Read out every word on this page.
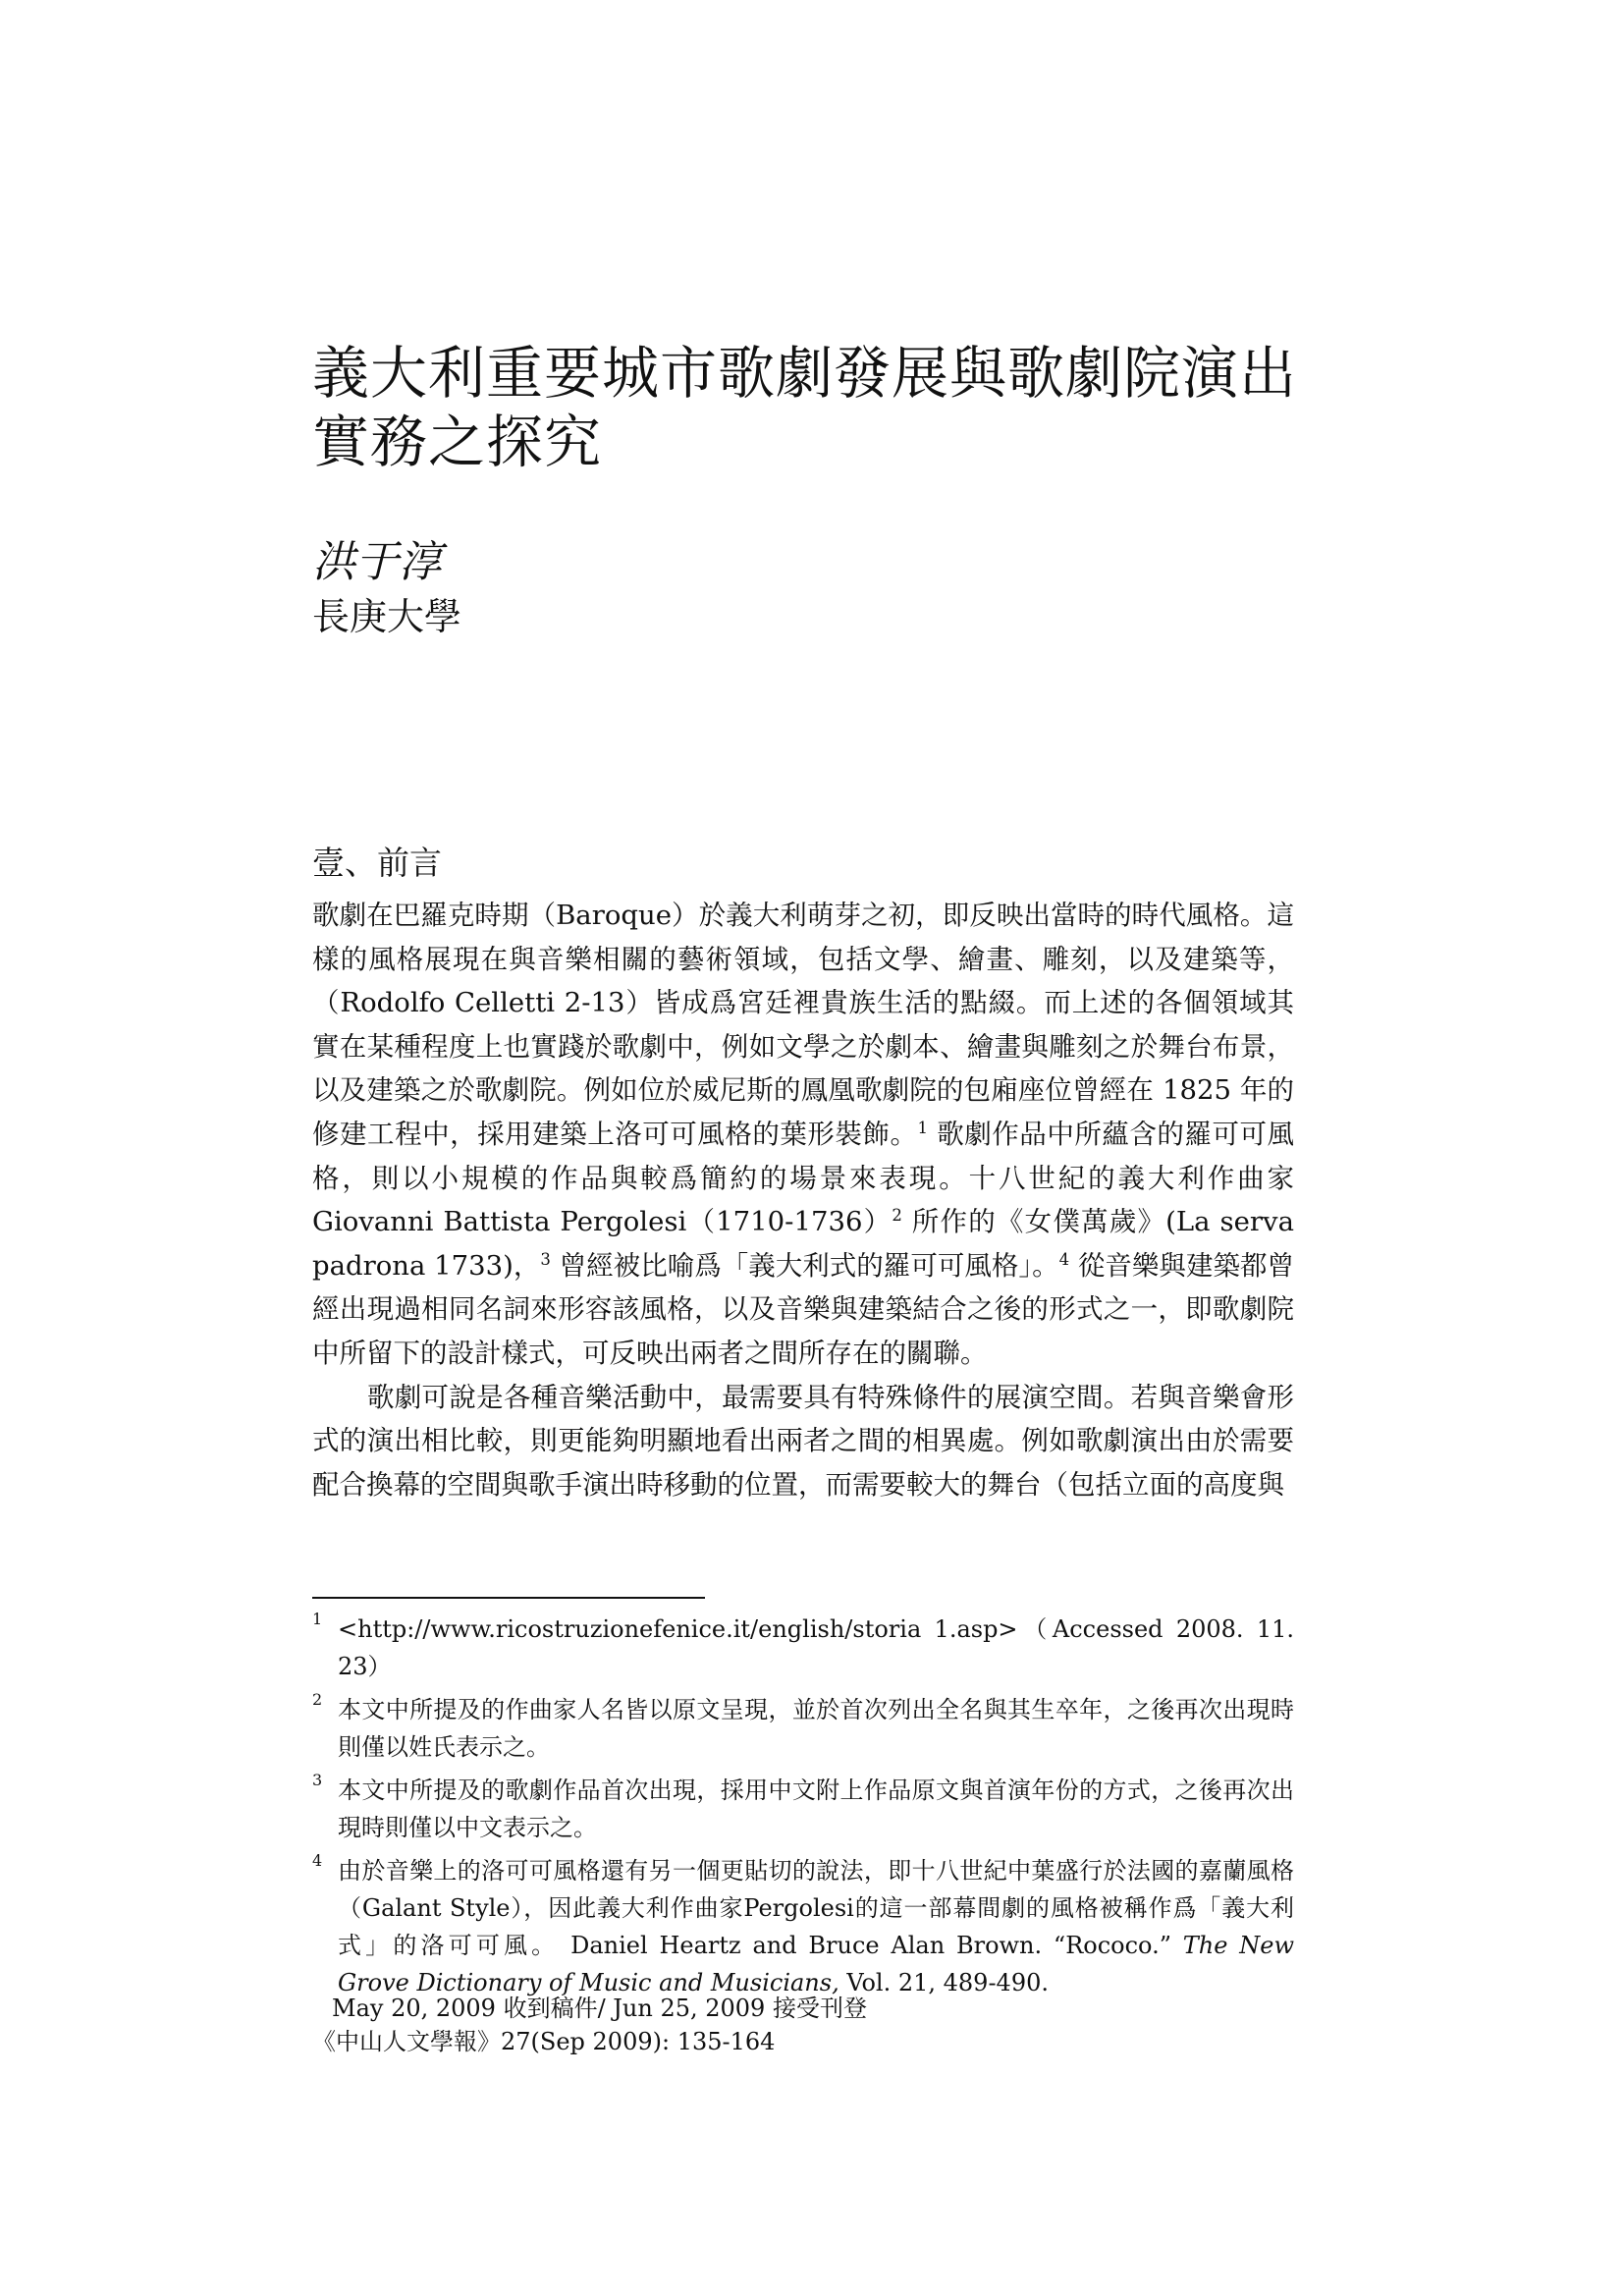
義大利重要城市歌劇發展與歌劇院演出實務之探究
洪于淳
長庚大學
壹、前言

歌劇在巴羅克時期（Baroque）於義大利萌芽之初，即反映出當時的時代風格。這樣的風格展現在與音樂相關的藝術領域，包括文學、繪畫、雕刻，以及建築等，（Rodolfo Celletti 2-13）皆成爲宮廷裡貴族生活的點綴。而上述的各個領域其實在某種程度上也實踐於歌劇中，例如文學之於劇本、繪畫與雕刻之於舞台布景，以及建築之於歌劇院。例如位於威尼斯的鳳凰歌劇院的包廂座位曾經在 1825 年的修建工程中，採用建築上洛可可風格的葉形裝飾。$^1$ 歌劇作品中所蘊含的羅可可風格，則以小規模的作品與較爲簡約的場景來表現。十八世紀的義大利作曲家Giovanni Battista Pergolesi（1710-1736）$^2$ 所作的《女僕萬歲》(La serva padrona 1733)，$^3$ 曾經被比喻爲「義大利式的羅可可風格」。$^4$ 從音樂與建築都曾經出現過相同名詞來形容該風格，以及音樂與建築結合之後的形式之一，即歌劇院中所留下的設計樣式，可反映出兩者之間所存在的關聯。

歌劇可說是各種音樂活動中，最需要具有特殊條件的展演空間。若與音樂會形式的演出相比較，則更能夠明顯地看出兩者之間的相異處。例如歌劇演出由於需要配合換幕的空間與歌手演出時移動的位置，而需要較大的舞台（包括立面的高度與

1 <http://www.ricostruzionefenice.it/english/storia 1.asp>（Accessed 2008. 11. 23）
2 本文中所提及的作曲家人名皆以原文呈現，並於首次列出全名與其生卒年，之後再次出現時則僅以姓氏表示之。
3 本文中所提及的歌劇作品首次出現，採用中文附上作品原文與首演年份的方式，之後再次出現時則僅以中文表示之。
4 由於音樂上的洛可可風格還有另一個更貼切的說法，即十八世紀中葉盛行於法國的嘉蘭風格（Galant Style），因此義大利作曲家Pergolesi的這一部幕間劇的風格被稱作爲「義大利式」的洛可可風。 Daniel Heartz and Bruce Alan Brown. “Rococo.” The New Grove Dictionary of Music and Musicians, Vol. 21, 489-490.
May 20, 2009 收到稿件/ Jun 25, 2009 接受刊登
《中山人文學報》27(Sep 2009): 135-164
